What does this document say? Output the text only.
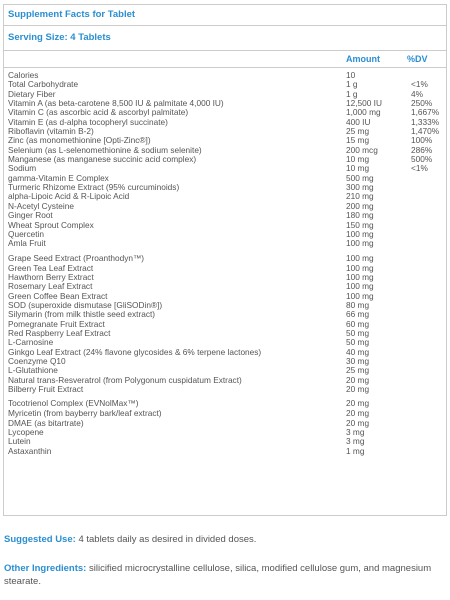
Supplement Facts for Tablet
Serving Size: 4 Tablets
Amount	%DV
Calories	10
Total Carbohydrate	1 g	<1%
Dietary Fiber	1 g	4%
Vitamin A (as beta-carotene 8,500 IU & palmitate 4,000 IU)	12,500 IU	250%
Vitamin C (as ascorbic acid & ascorbyl palmitate)	1,000 mg	1,667%
Vitamin E (as d-alpha tocopheryl succinate)	400 IU	1,333%
Riboflavin (vitamin B-2)	25 mg	1,470%
Zinc (as monomethionine [Opti-Zinc®])	15 mg	100%
Selenium (as L-selenomethionine & sodium selenite)	200 mcg	286%
Manganese (as manganese succinic acid complex)	10 mg	500%
Sodium	10 mg	<1%
gamma-Vitamin E Complex	500 mg
Turmeric Rhizome Extract (95% curcuminoids)	300 mg
alpha-Lipoic Acid & R-Lipoic Acid	210 mg
N-Acetyl Cysteine	200 mg
Ginger Root	180 mg
Wheat Sprout Complex	150 mg
Quercetin	100 mg
Amla Fruit	100 mg
Grape Seed Extract (Proanthodyn™)	100 mg
Green Tea Leaf Extract	100 mg
Hawthorn Berry Extract	100 mg
Rosemary Leaf Extract	100 mg
Green Coffee Bean Extract	100 mg
SOD (superoxide dismutase [GliSODin®])	80 mg
Silymarin (from milk thistle seed extract)	66 mg
Pomegranate Fruit Extract	60 mg
Red Raspberry Leaf Extract	50 mg
L-Carnosine	50 mg
Ginkgo Leaf Extract (24% flavone glycosides & 6% terpene lactones)	40 mg
Coenzyme Q10	30 mg
L-Glutathione	25 mg
Natural trans-Resveratrol (from Polygonum cuspidatum Extract)	20 mg
Bilberry Fruit Extract	20 mg
Tocotrienol Complex (EVNolMax™)	20 mg
Myricetin (from bayberry bark/leaf extract)	20 mg
DMAE (as bitartrate)	20 mg
Lycopene	3 mg
Lutein	3 mg
Astaxanthin	1 mg
Suggested Use: 4 tablets daily as desired in divided doses.
Other Ingredients: silicified microcrystalline cellulose, silica, modified cellulose gum, and magnesium stearate.
